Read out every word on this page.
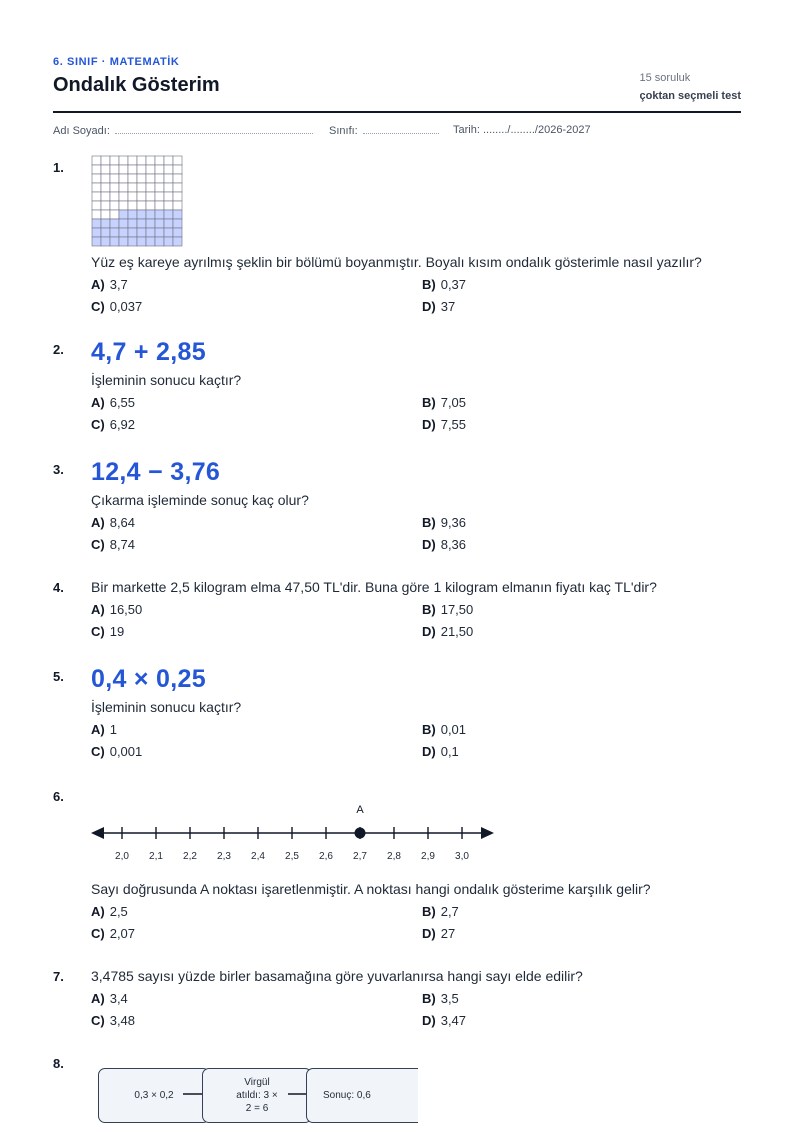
6. SINIF · MATEMATİK
Ondalık Gösterim	15 soruluk
çoktan seçmeli test
Adı Soyadı:	Sınıfı:	Tarih: ......../......../2026-2027
1.
Yüz eş kareye ayrılmış şeklin bir bölümü boyanmıştır. Boyalı kısım ondalık gösterimle nasıl yazılır?
A) 3,7	B) 0,37
C) 0,037	D) 37
2. 4,7 + 2,85
İşleminin sonucu kaçtır?
A) 6,55	B) 7,05
C) 6,92	D) 7,55
3. 12,4 − 3,76
Çıkarma işleminde sonuç kaç olur?
A) 8,64	B) 9,36
C) 8,74	D) 8,36
4. Bir markette 2,5 kilogram elma 47,50 TL'dir. Buna göre 1 kilogram elmanın fiyatı kaç TL'dir?
A) 16,50	B) 17,50
C) 19	D) 21,50
5. 0,4 × 0,25
İşleminin sonucu kaçtır?
A) 1	B) 0,01
C) 0,001	D) 0,1
6.
2,0 2,1 2,2 2,3 2,4 2,5 2,6 2,7 2,8 2,9 3,0
A
Sayı doğrusunda A noktası işaretlenmiştir. A noktası hangi ondalık gösterime karşılık gelir?
A) 2,5	B) 2,7
C) 2,07	D) 27
7. 3,4785 sayısı yüzde birler basamağına göre yuvarlanırsa hangi sayı elde edilir?
A) 3,4	B) 3,5
C) 3,48	D) 3,47
8.
0,3 × 0,2
Virgül
atıldı: 3 ×
2 = 6
Sonuç: 0,6
